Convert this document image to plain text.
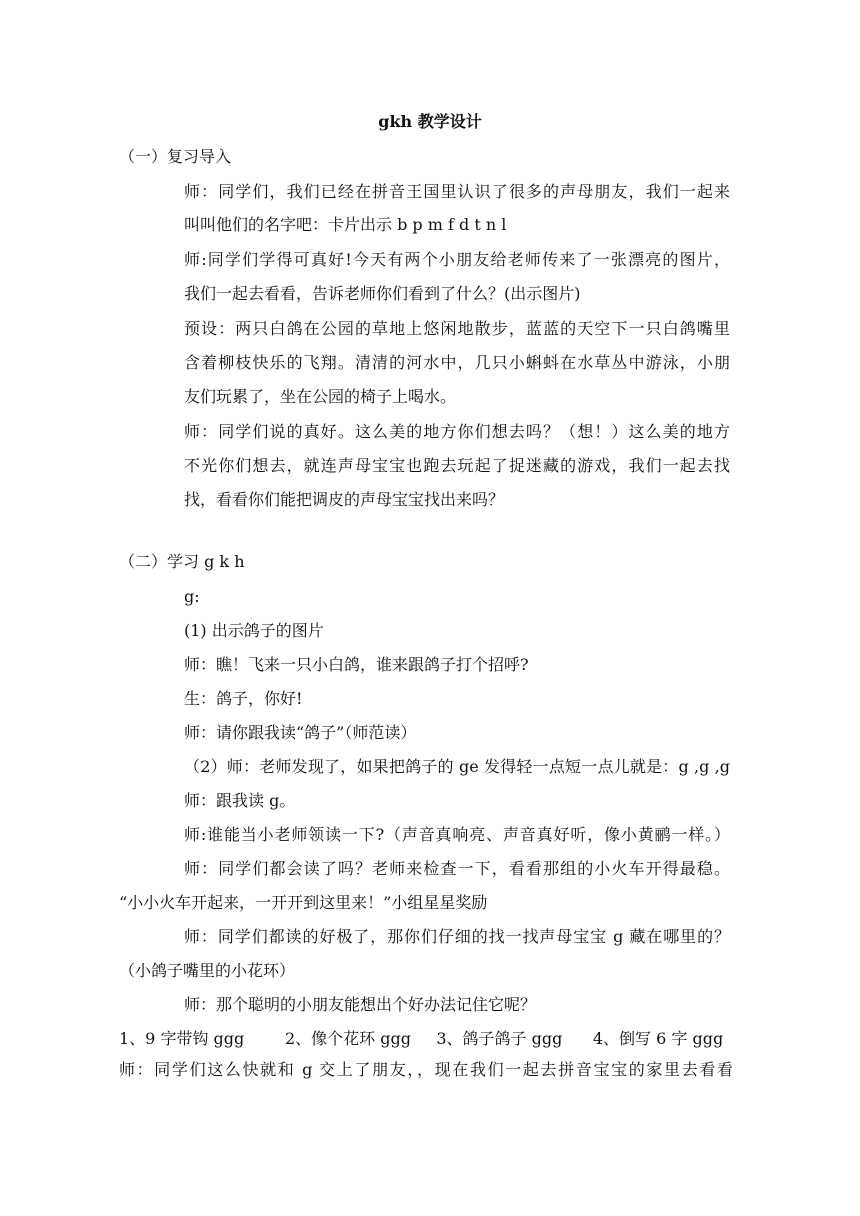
gkh 教学设计
（一）复习导入
师：同学们，我们已经在拼音王国里认识了很多的声母朋友，我们一起来
叫叫他们的名字吧：卡片出示 b p m f d t n l
师:同学们学得可真好!今天有两个小朋友给老师传来了一张漂亮的图片，
我们一起去看看，告诉老师你们看到了什么？(出示图片)
预设：两只白鸽在公园的草地上悠闲地散步，蓝蓝的天空下一只白鸽嘴里
含着柳枝快乐的飞翔。清清的河水中，几只小蝌蚪在水草丛中游泳，小朋
友们玩累了，坐在公园的椅子上喝水。
师：同学们说的真好。这么美的地方你们想去吗？（想！）这么美的地方
不光你们想去，就连声母宝宝也跑去玩起了捉迷藏的游戏，我们一起去找
找，看看你们能把调皮的声母宝宝找出来吗？
（二）学习 g k h
g:
(1) 出示鸽子的图片
师：瞧！飞来一只小白鸽，谁来跟鸽子打个招呼?
生：鸽子，你好!
师：请你跟我读“鸽子”（师范读）
（2）师：老师发现了，如果把鸽子的 ge 发得轻一点短一点儿就是：g ,g ,g
师：跟我读 g。
师:谁能当小老师领读一下?（声音真响亮、声音真好听，像小黄鹂一样。）
师：同学们都会读了吗？老师来检查一下，看看那组的小火车开得最稳。
“小小火车开起来，一开开到这里来！”小组星星奖励
师：同学们都读的好极了，那你们仔细的找一找声母宝宝 g 藏在哪里的？
（小鸽子嘴里的小花环）
师：那个聪明的小朋友能想出个好办法记住它呢？
1、9 字带钩 ggg        2、像个花环 ggg     3、鸽子鸽子 ggg      4、倒写 6 字 ggg
师：同学们这么快就和 g 交上了朋友，，现在我们一起去拼音宝宝的家里去看看
